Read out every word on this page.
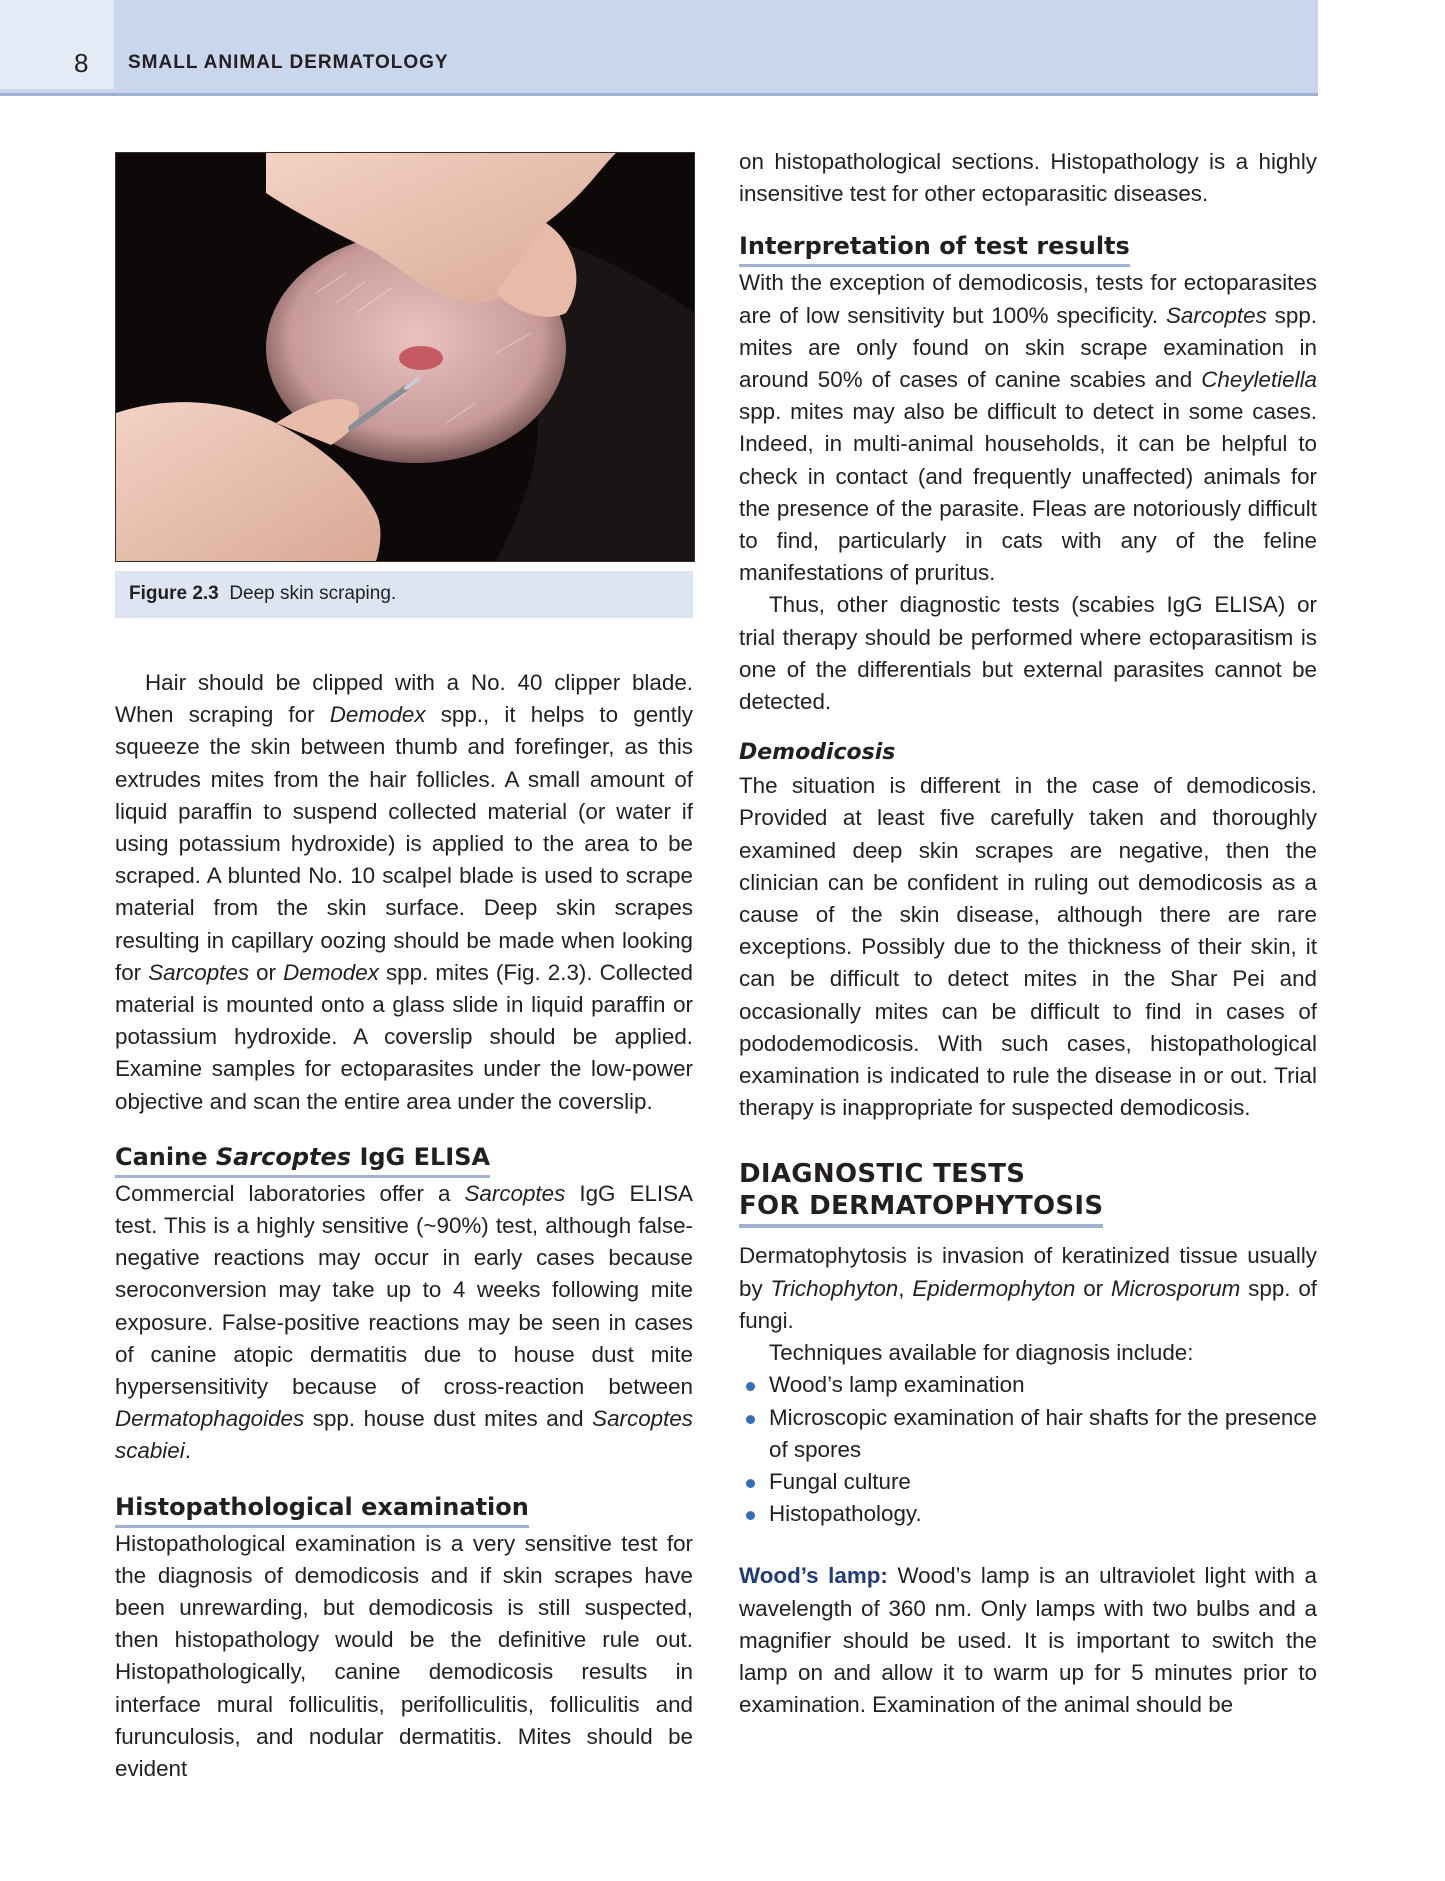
8 SMALL ANIMAL DERMATOLOGY
Figure 2.3 Deep skin scraping.

Hair should be clipped with a No. 40 clipper blade. When scraping for Demodex spp., it helps to gently squeeze the skin between thumb and forefinger, as this extrudes mites from the hair follicles. A small amount of liquid paraffin to suspend collected material (or water if using potassium hydroxide) is applied to the area to be scraped. A blunted No. 10 scalpel blade is used to scrape material from the skin surface. Deep skin scrapes resulting in capillary oozing should be made when looking for Sarcoptes or Demodex spp. mites (Fig. 2.3). Collected material is mounted onto a glass slide in liquid paraffin or potassium hydroxide. A coverslip should be applied. Examine samples for ectoparasites under the low-power objective and scan the entire area under the coverslip.

Canine Sarcoptes IgG ELISA

Commercial laboratories offer a Sarcoptes IgG ELISA test. This is a highly sensitive (~90%) test, although false-negative reactions may occur in early cases because seroconversion may take up to 4 weeks following mite exposure. False-positive reactions may be seen in cases of canine atopic dermatitis due to house dust mite hypersensitivity because of cross-reaction between Dermatophagoides spp. house dust mites and Sarcoptes scabiei.

Histopathological examination

Histopathological examination is a very sensitive test for the diagnosis of demodicosis and if skin scrapes have been unrewarding, but demodicosis is still suspected, then histopathology would be the definitive rule out. Histopathologically, canine demodicosis results in interface mural folliculitis, perifolliculitis, folliculitis and furunculosis, and nodular dermatitis. Mites should be evident

on histopathological sections. Histopathology is a highly insensitive test for other ectoparasitic diseases.

Interpretation of test results

With the exception of demodicosis, tests for ectoparasites are of low sensitivity but 100% specificity. Sarcoptes spp. mites are only found on skin scrape examination in around 50% of cases of canine scabies and Cheyletiella spp. mites may also be difficult to detect in some cases. Indeed, in multi-animal households, it can be helpful to check in contact (and frequently unaffected) animals for the presence of the parasite. Fleas are notoriously difficult to find, particularly in cats with any of the feline manifestations of pruritus.

Thus, other diagnostic tests (scabies IgG ELISA) or trial therapy should be performed where ectoparasitism is one of the differentials but external parasites cannot be detected.

Demodicosis

The situation is different in the case of demodicosis. Provided at least five carefully taken and thoroughly examined deep skin scrapes are negative, then the clinician can be confident in ruling out demodicosis as a cause of the skin disease, although there are rare exceptions. Possibly due to the thickness of their skin, it can be difficult to detect mites in the Shar Pei and occasionally mites can be difficult to find in cases of pododemodicosis. With such cases, histopathological examination is indicated to rule the disease in or out. Trial therapy is inappropriate for suspected demodicosis.

DIAGNOSTIC TESTS
FOR DERMATOPHYTOSIS

Dermatophytosis is invasion of keratinized tissue usually by Trichophyton, Epidermophyton or Microsporum spp. of fungi.

Techniques available for diagnosis include:

Wood’s lamp examination
Microscopic examination of hair shafts for the presence of spores
Fungal culture
Histopathology.

Wood’s lamp: Wood’s lamp is an ultraviolet light with a wavelength of 360 nm. Only lamps with two bulbs and a magnifier should be used. It is important to switch the lamp on and allow it to warm up for 5 minutes prior to examination. Examination of the animal should be
